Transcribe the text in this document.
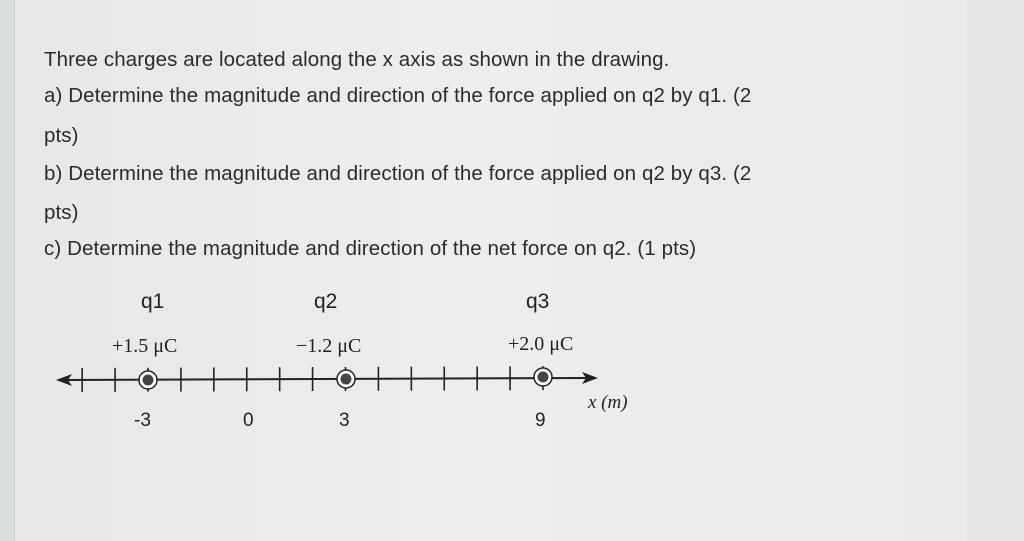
Three charges are located along the x axis as shown in the drawing.
a) Determine the magnitude and direction of the force applied on q2 by q1. (2
pts)
b) Determine the magnitude and direction of the force applied on q2 by q3. (2
pts)
c) Determine the magnitude and direction of the net force on q2. (1 pts)
q1	q2	q3
+1.5 μC	−1.2 μC	+2.0 μC
-3	0	3	9
x (m)
